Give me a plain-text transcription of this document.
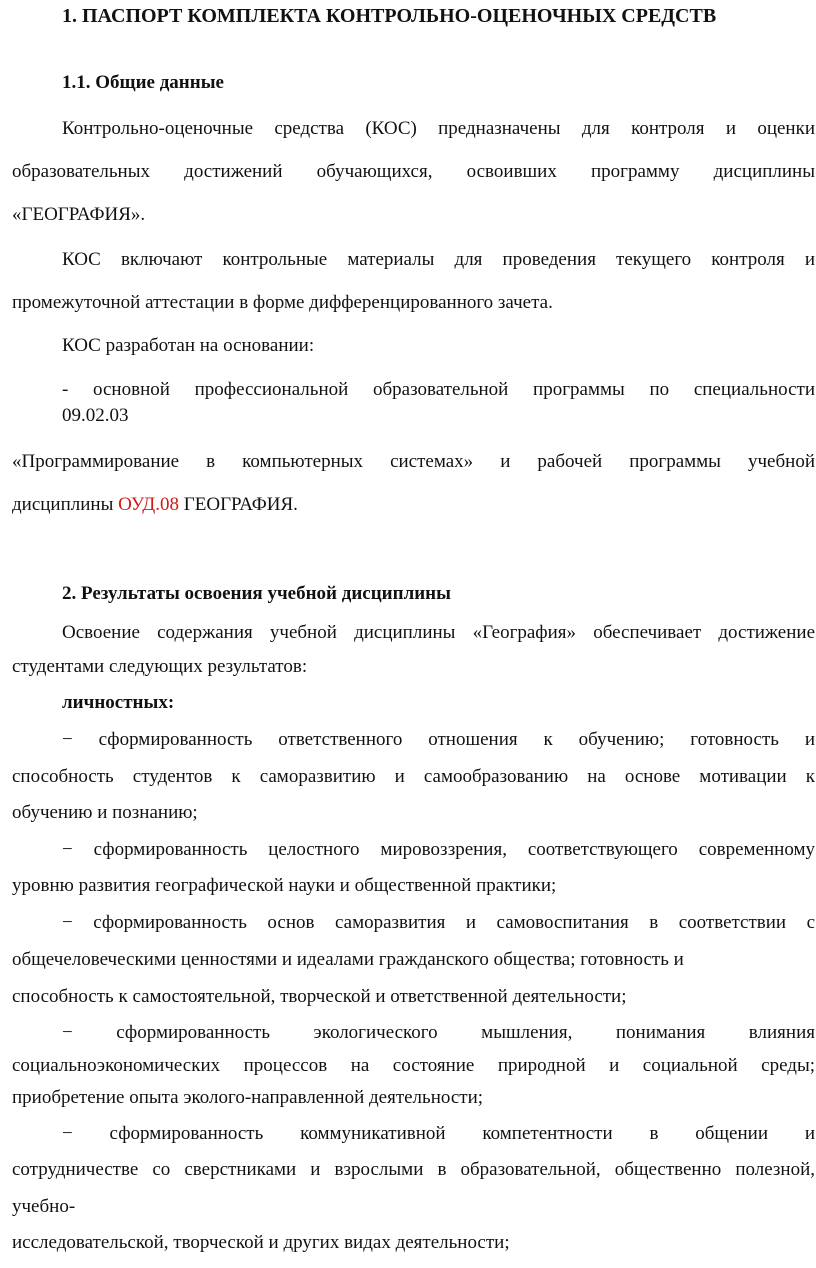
1. ПАСПОРТ КОМПЛЕКТА КОНТРОЛЬНО-ОЦЕНОЧНЫХ СРЕДСТВ
1.1. Общие данные
Контрольно-оценочные средства (КОС) предназначены для контроля и оценки
образовательных достижений обучающихся, освоивших программу дисциплины
«ГЕОГРАФИЯ».
КОС включают контрольные материалы для проведения текущего контроля и
промежуточной аттестации в форме дифференцированного зачета.
КОС разработан на основании:
- основной профессиональной образовательной программы по специальности
09.02.03
«Программирование в компьютерных системах» и рабочей программы учебной
дисциплины ОУД.08 ГЕОГРАФИЯ.
2. Результаты освоения учебной дисциплины
Освоение содержания учебной дисциплины «География» обеспечивает достижение
студентами следующих результатов:
личностных:
− сформированность ответственного отношения к обучению; готовность и
способность студентов к саморазвитию и самообразованию на основе мотивации к
обучению и познанию;
− сформированность целостного мировоззрения, соответствующего современному
уровню развития географической науки и общественной практики;
− сформированность основ саморазвития и самовоспитания в соответствии с
общечеловеческими ценностями и идеалами гражданского общества; готовность и
способность к самостоятельной, творческой и ответственной деятельности;
− сформированность экологического мышления, понимания влияния
социальноэкономических процессов на состояние природной и социальной среды;
приобретение опыта эколого-направленной деятельности;
− сформированность коммуникативной компетентности в общении и
сотрудничестве со сверстниками и взрослыми в образовательной, общественно полезной,
учебно-
исследовательской, творческой и других видах деятельности;
